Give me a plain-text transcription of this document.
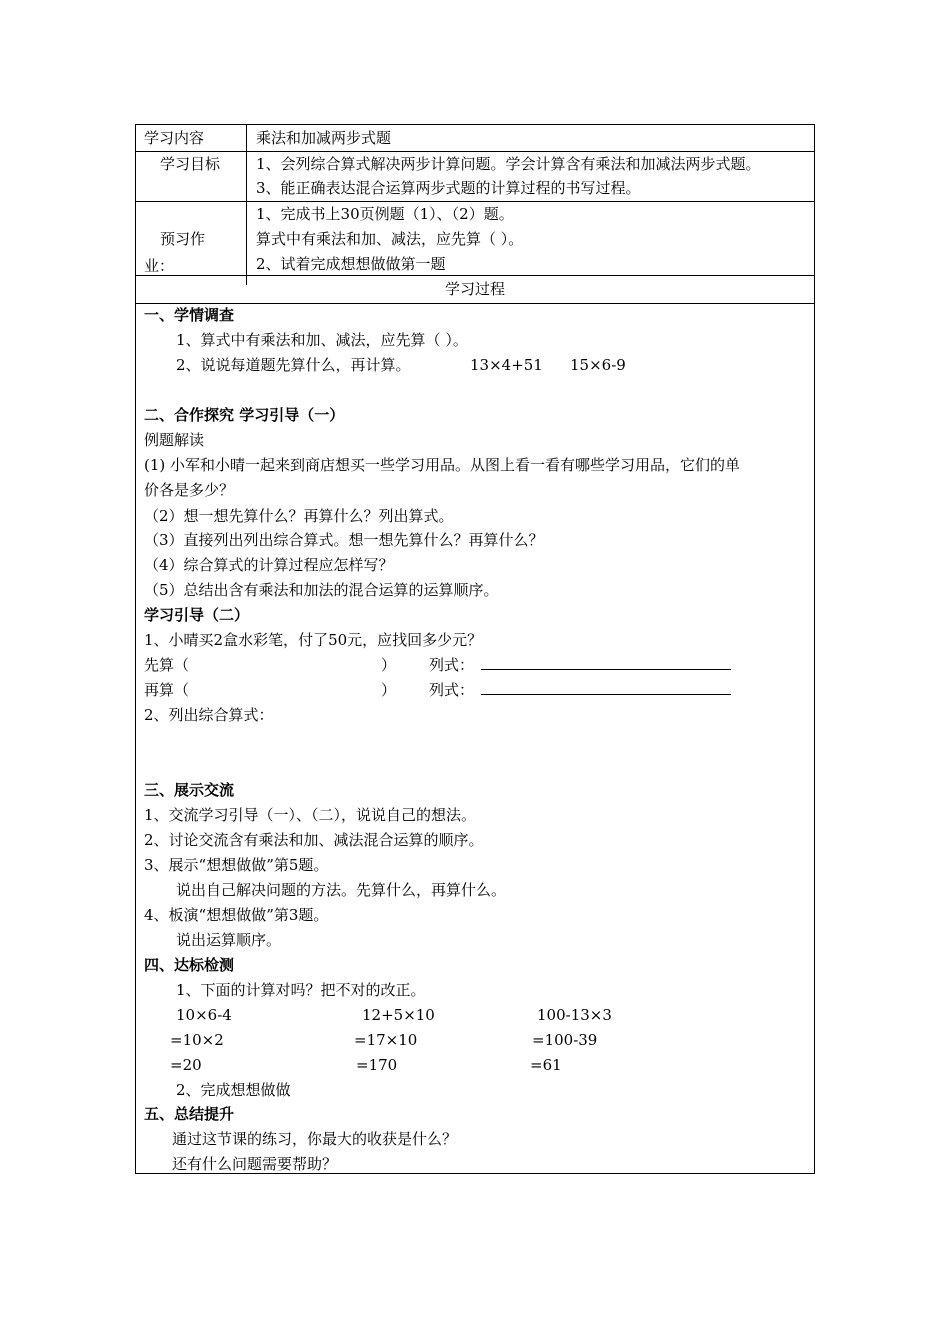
学习内容	乘法和加减两步式题
学习目标 1、会列综合算式解决两步计算问题。学会计算含有乘法和加减法两步式题。
3、能正确表达混合运算两步式题的计算过程的书写过程。
预习作
业：
1、完成书上30页例题（1）、（2）题。
算式中有乘法和加、减法，应先算（ ）。
2、试着完成想想做做第一题
学习过程
一、学情调查
1、算式中有乘法和加、减法，应先算（ ）。
2、说说每道题先算什么，再计算。	13×4+51 15×6-9
二、合作探究 学习引导（一）
例题解读
(1) 小军和小晴一起来到商店想买一些学习用品。从图上看一看有哪些学习用品，它们的单
价各是多少？
（2）想一想先算什么？再算什么？列出算式。
（3）直接列出列出综合算式。想一想先算什么？再算什么？
（4）综合算式的计算过程应怎样写？
（5）总结出含有乘法和加法的混合运算的运算顺序。
学习引导（二）
1、小晴买2盒水彩笔，付了50元，应找回多少元？
先算（	） 列式：
再算（	） 列式：
2、列出综合算式：
三、展示交流
1、交流学习引导（一）、（二），说说自己的想法。
2、讨论交流含有乘法和加、减法混合运算的顺序。
3、展示“想想做做”第5题。
说出自己解决问题的方法。先算什么，再算什么。
4、板演“想想做做”第3题。
说出运算顺序。
四、达标检测
1、下面的计算对吗？把不对的改正。
10×6-4
=10×2
=20
12+5×10
=17×10
=170
100-13×3
=100-39
=61
2、完成想想做做
五、总结提升
通过这节课的练习，你最大的收获是什么？
还有什么问题需要帮助？
